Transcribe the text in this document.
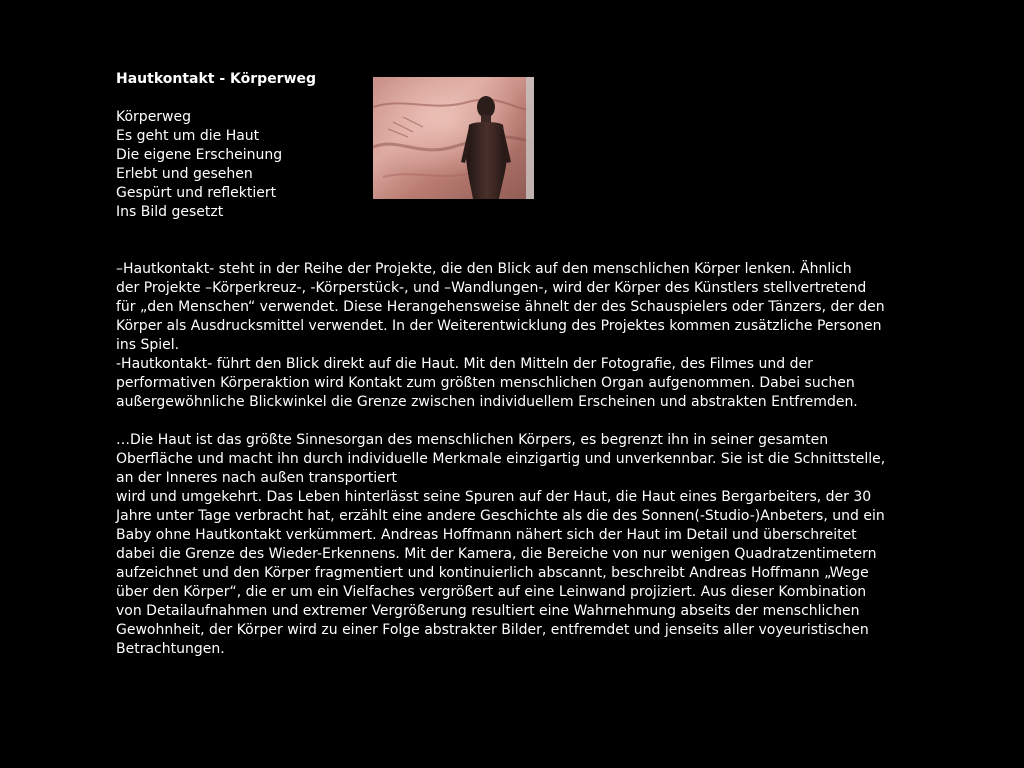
Hautkontakt - Körperweg
Körperweg
Es geht um die Haut
Die eigene Erscheinung
Erlebt und gesehen
Gespürt und reflektiert
Ins Bild gesetzt
–Hautkontakt- steht in der Reihe der Projekte, die den Blick auf den menschlichen Körper lenken. Ähnlich
der Projekte –Körperkreuz-, -Körperstück-, und –Wandlungen-, wird der Körper des Künstlers stellvertretend
für „den Menschen“ verwendet. Diese Herangehensweise ähnelt der des Schauspielers oder Tänzers, der den
Körper als Ausdrucksmittel verwendet. In der Weiterentwicklung des Projektes kommen zusätzliche Personen
ins Spiel.
-Hautkontakt- führt den Blick direkt auf die Haut. Mit den Mitteln der Fotografie, des Filmes und der
performativen Körperaktion wird Kontakt zum größten menschlichen Organ aufgenommen. Dabei suchen
außergewöhnliche Blickwinkel die Grenze zwischen individuellem Erscheinen und abstrakten Entfremden.
…Die Haut ist das größte Sinnesorgan des menschlichen Körpers, es begrenzt ihn in seiner gesamten
Oberfläche und macht ihn durch individuelle Merkmale einzigartig und unverkennbar. Sie ist die Schnittstelle,
an der Inneres nach außen transportiert
wird und umgekehrt. Das Leben hinterlässt seine Spuren auf der Haut, die Haut eines Bergarbeiters, der 30
Jahre unter Tage verbracht hat, erzählt eine andere Geschichte als die des Sonnen(-Studio-)Anbeters, und ein
Baby ohne Hautkontakt verkümmert. Andreas Hoffmann nähert sich der Haut im Detail und überschreitet
dabei die Grenze des Wieder-Erkennens. Mit der Kamera, die Bereiche von nur wenigen Quadratzentimetern
aufzeichnet und den Körper fragmentiert und kontinuierlich abscannt, beschreibt Andreas Hoffmann „Wege
über den Körper“, die er um ein Vielfaches vergrößert auf eine Leinwand projiziert. Aus dieser Kombination
von Detailaufnahmen und extremer Vergrößerung resultiert eine Wahrnehmung abseits der menschlichen
Gewohnheit, der Körper wird zu einer Folge abstrakter Bilder, entfremdet und jenseits aller voyeuristischen
Betrachtungen.
